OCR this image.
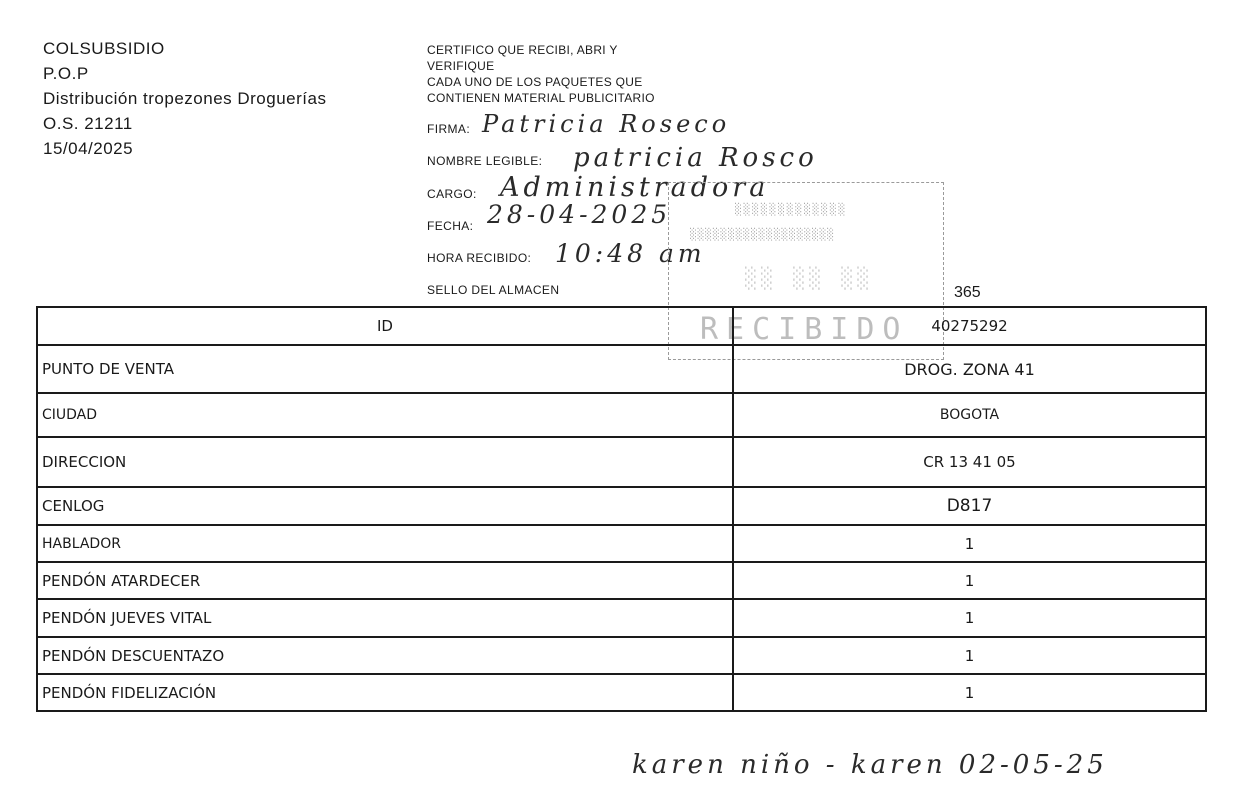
COLSUBSIDIO
P.O.P
Distribución tropezones Droguerías
O.S. 21211
15/04/2025
CERTIFICO QUE RECIBI, ABRI Y
VERIFIQUE
CADA UNO DE LOS PAQUETES QUE
CONTIENEN MATERIAL PUBLICITARIO
FIRMA: Patricia Roseco
NOMBRE LEGIBLE: patricia Rosco
CARGO: Administradora
FECHA: 28-04-2025
HORA RECIBIDO: 10:48 am
SELLO DEL ALMACEN
░░░░░░░░░░░░░
░░░░░░░░░░░░░░░░░░░
░░ ░░ ░░
RECIBIDO
365
ID	40275292
PUNTO DE VENTA	DROG. ZONA 41
CIUDAD	BOGOTA
DIRECCION	CR 13 41 05
CENLOG	D817
HABLADOR	1
PENDÓN ATARDECER	1
PENDÓN JUEVES VITAL	1
PENDÓN DESCUENTAZO	1
PENDÓN FIDELIZACIÓN	1
karen niño - karen 02-05-25
